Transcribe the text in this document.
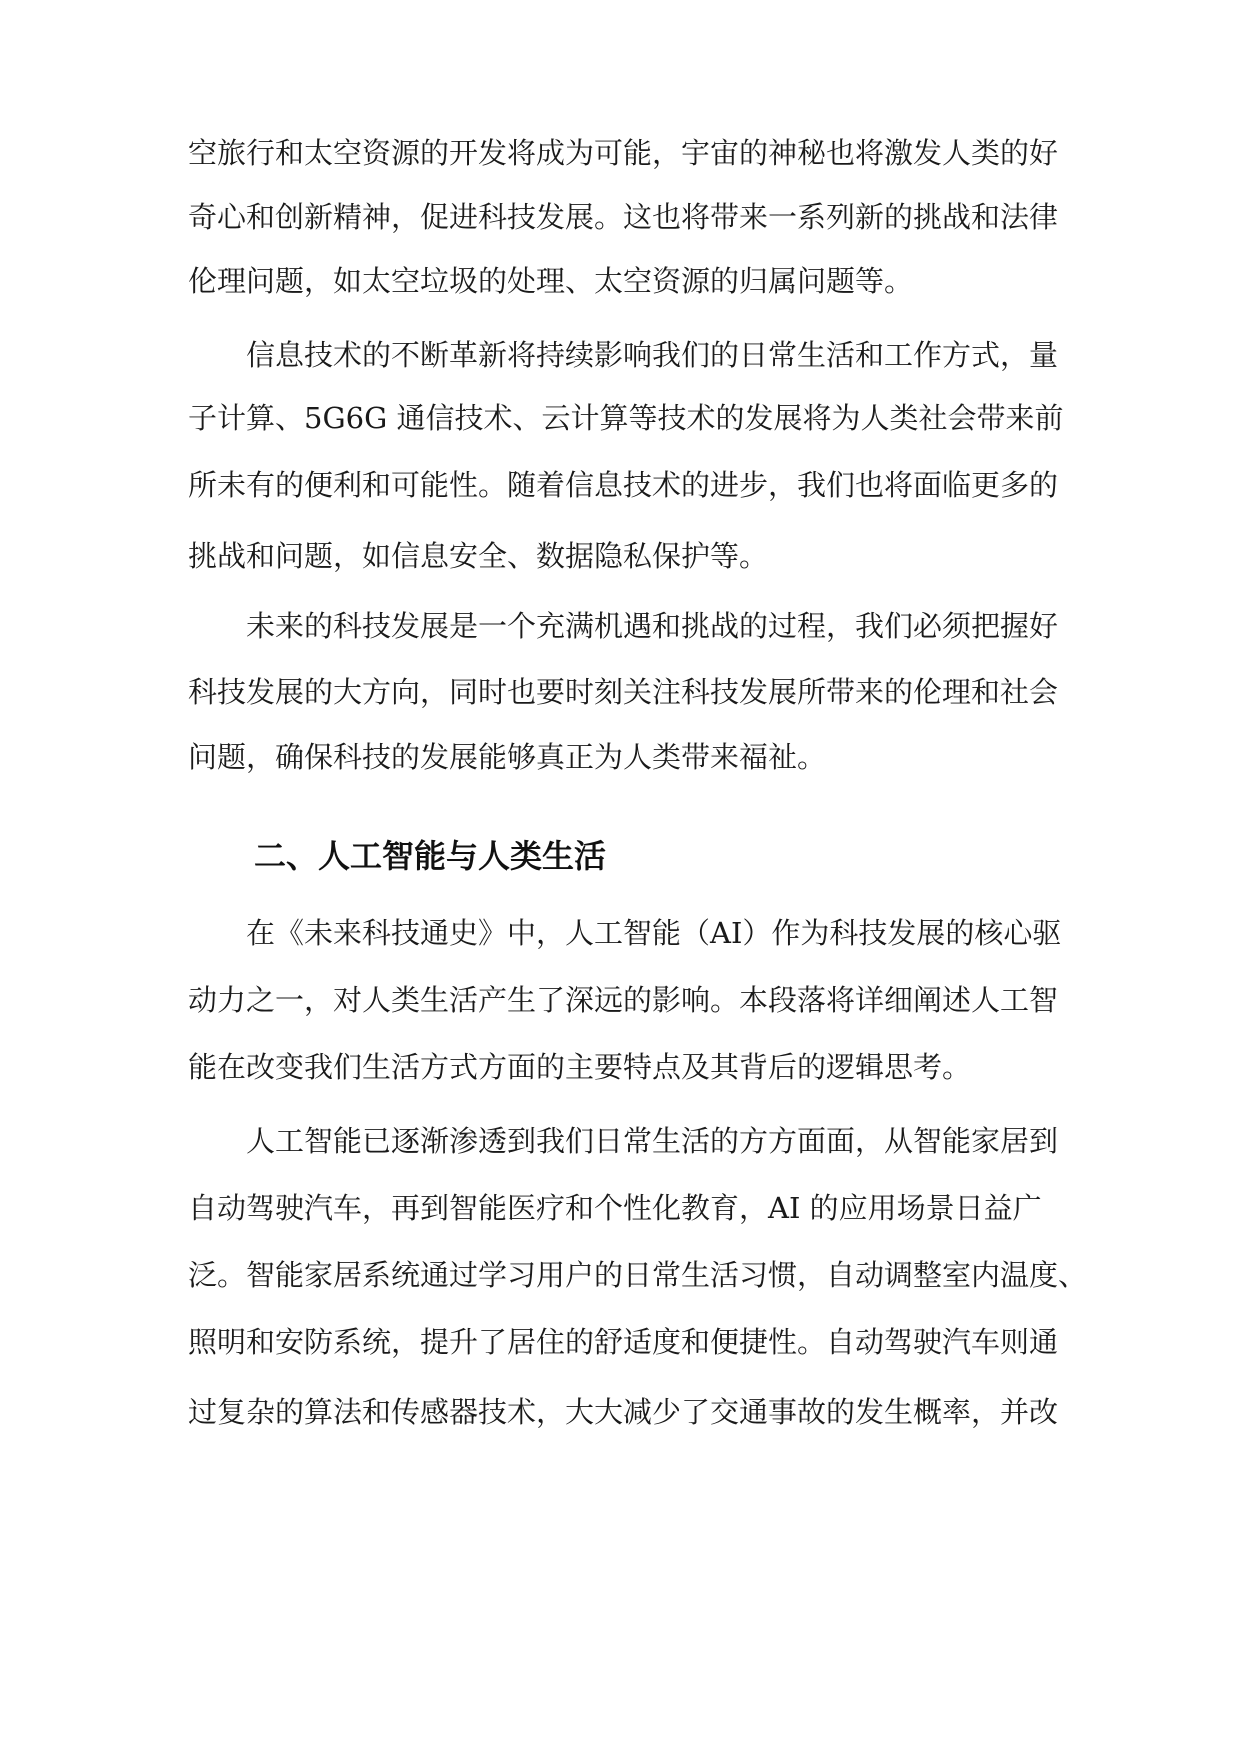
空旅行和太空资源的开发将成为可能，宇宙的神秘也将激发人类的好
奇心和创新精神，促进科技发展。这也将带来一系列新的挑战和法律
伦理问题，如太空垃圾的处理、太空资源的归属问题等。
　　信息技术的不断革新将持续影响我们的日常生活和工作方式，量
子计算、5G6G 通信技术、云计算等技术的发展将为人类社会带来前
所未有的便利和可能性。随着信息技术的进步，我们也将面临更多的
挑战和问题，如信息安全、数据隐私保护等。
　　未来的科技发展是一个充满机遇和挑战的过程，我们必须把握好
科技发展的大方向，同时也要时刻关注科技发展所带来的伦理和社会
问题，确保科技的发展能够真正为人类带来福祉。
二、人工智能与人类生活
　　在《未来科技通史》中，人工智能（AI）作为科技发展的核心驱
动力之一，对人类生活产生了深远的影响。本段落将详细阐述人工智
能在改变我们生活方式方面的主要特点及其背后的逻辑思考。
　　人工智能已逐渐渗透到我们日常生活的方方面面，从智能家居到
自动驾驶汽车，再到智能医疗和个性化教育，AI 的应用场景日益广
泛。智能家居系统通过学习用户的日常生活习惯，自动调整室内温度、
照明和安防系统，提升了居住的舒适度和便捷性。自动驾驶汽车则通
过复杂的算法和传感器技术，大大减少了交通事故的发生概率，并改
